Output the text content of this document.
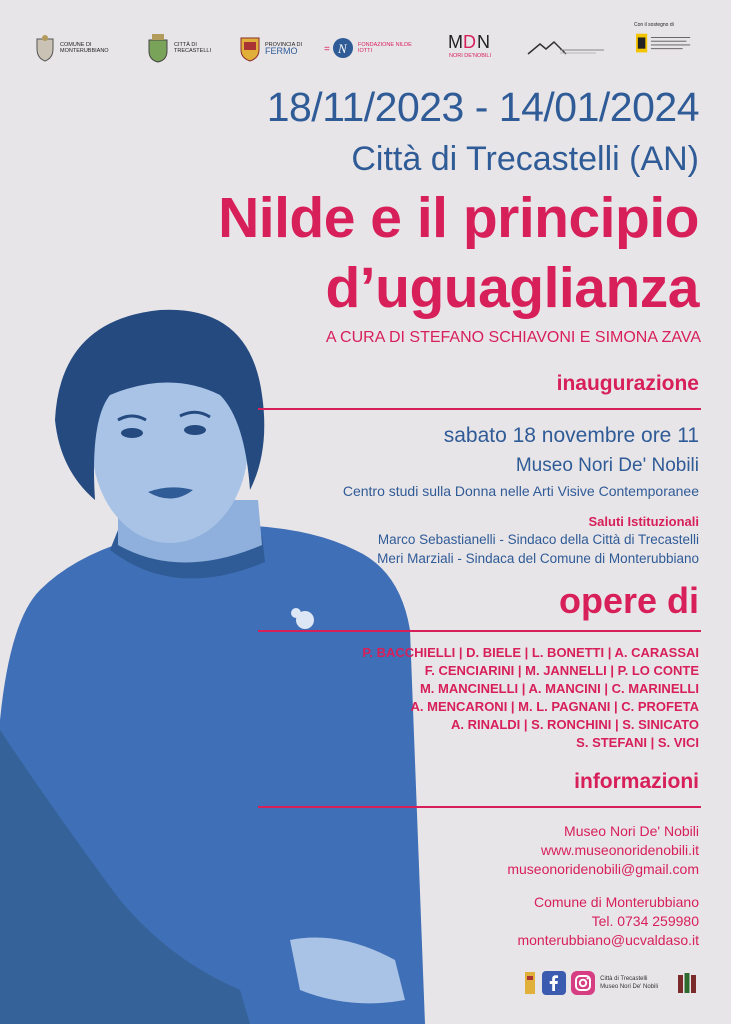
COMUNE DI
MONTERUBBIANO
CITTÀ DI
TRECASTELLI
PROVINCIA DI
FERMO	= N FONDAZIONE NILDE IOTTI	M D N
NORI DE'NOBILI
Con il sostegno di
18/11/2023 - 14/01/2024
Città di Trecastelli (AN)
Nilde e il principio
d’uguaglianza
A CURA DI STEFANO SCHIAVONI E SIMONA ZAVA
inaugurazione
sabato 18 novembre ore 11
Museo Nori De' Nobili
Centro studi sulla Donna nelle Arti Visive Contemporanee
Saluti Istituzionali
Marco Sebastianelli - Sindaco della Città di Trecastelli
Meri Marziali - Sindaca del Comune di Monterubbiano
opere di
P. BACCHIELLI | D. BIELE | L. BONETTI | A. CARASSAI
F. CENCIARINI | M. JANNELLI | P. LO CONTE
M. MANCINELLI | A. MANCINI | C. MARINELLI
A. MENCARONI | M. L. PAGNANI | C. PROFETA
A. RINALDI | S. RONCHINI | S. SINICATO
S. STEFANI | S. VICI
informazioni
Museo Nori De' Nobili
www.museonoridenobili.it
museonoridenobili@gmail.com
Comune di Monterubbiano
Tel. 0734 259980
monterubbiano@ucvaldaso.it
Città di Trecastelli
Museo Nori De' Nobili
